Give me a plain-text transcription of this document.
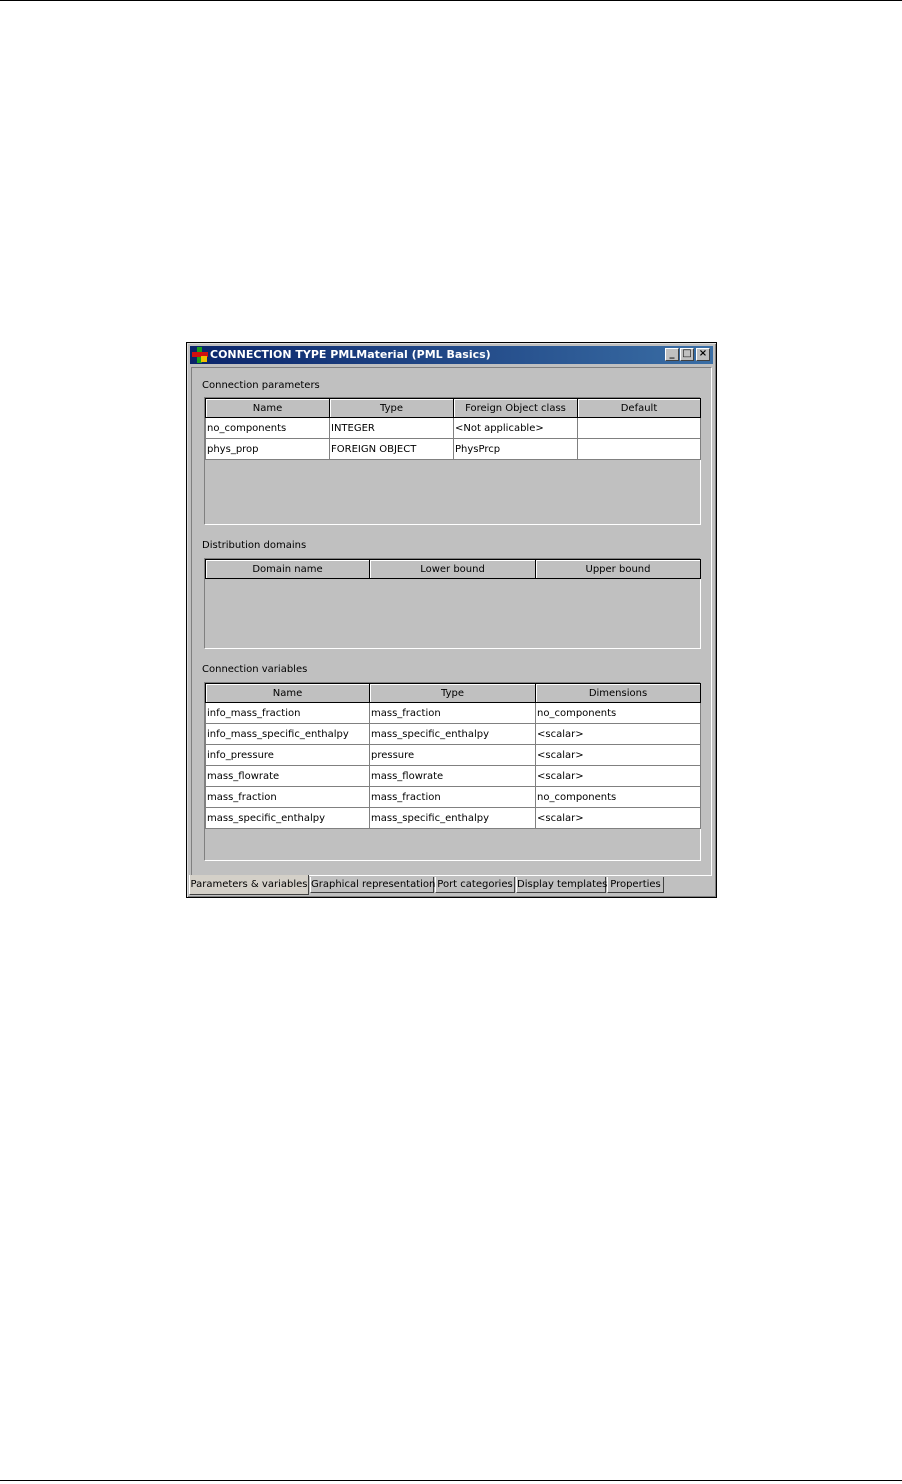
CONNECTION TYPE PMLMaterial (PML Basics)	_ □ ×
Connection parameters
Name	Type	Foreign Object class	Default
no_components	INTEGER	<Not applicable>	
phys_prop	FOREIGN OBJECT	PhysPrcp	
Distribution domains
Domain name	Lower bound	Upper bound
Connection variables
Name	Type	Dimensions
info_mass_fraction	mass_fraction	no_components
info_mass_specific_enthalpy	mass_specific_enthalpy	<scalar>
info_pressure	pressure	<scalar>
mass_flowrate	mass_flowrate	<scalar>
mass_fraction	mass_fraction	no_components
mass_specific_enthalpy	mass_specific_enthalpy	<scalar>
Parameters & variables Graphical representation Port categories Display templates Properties
